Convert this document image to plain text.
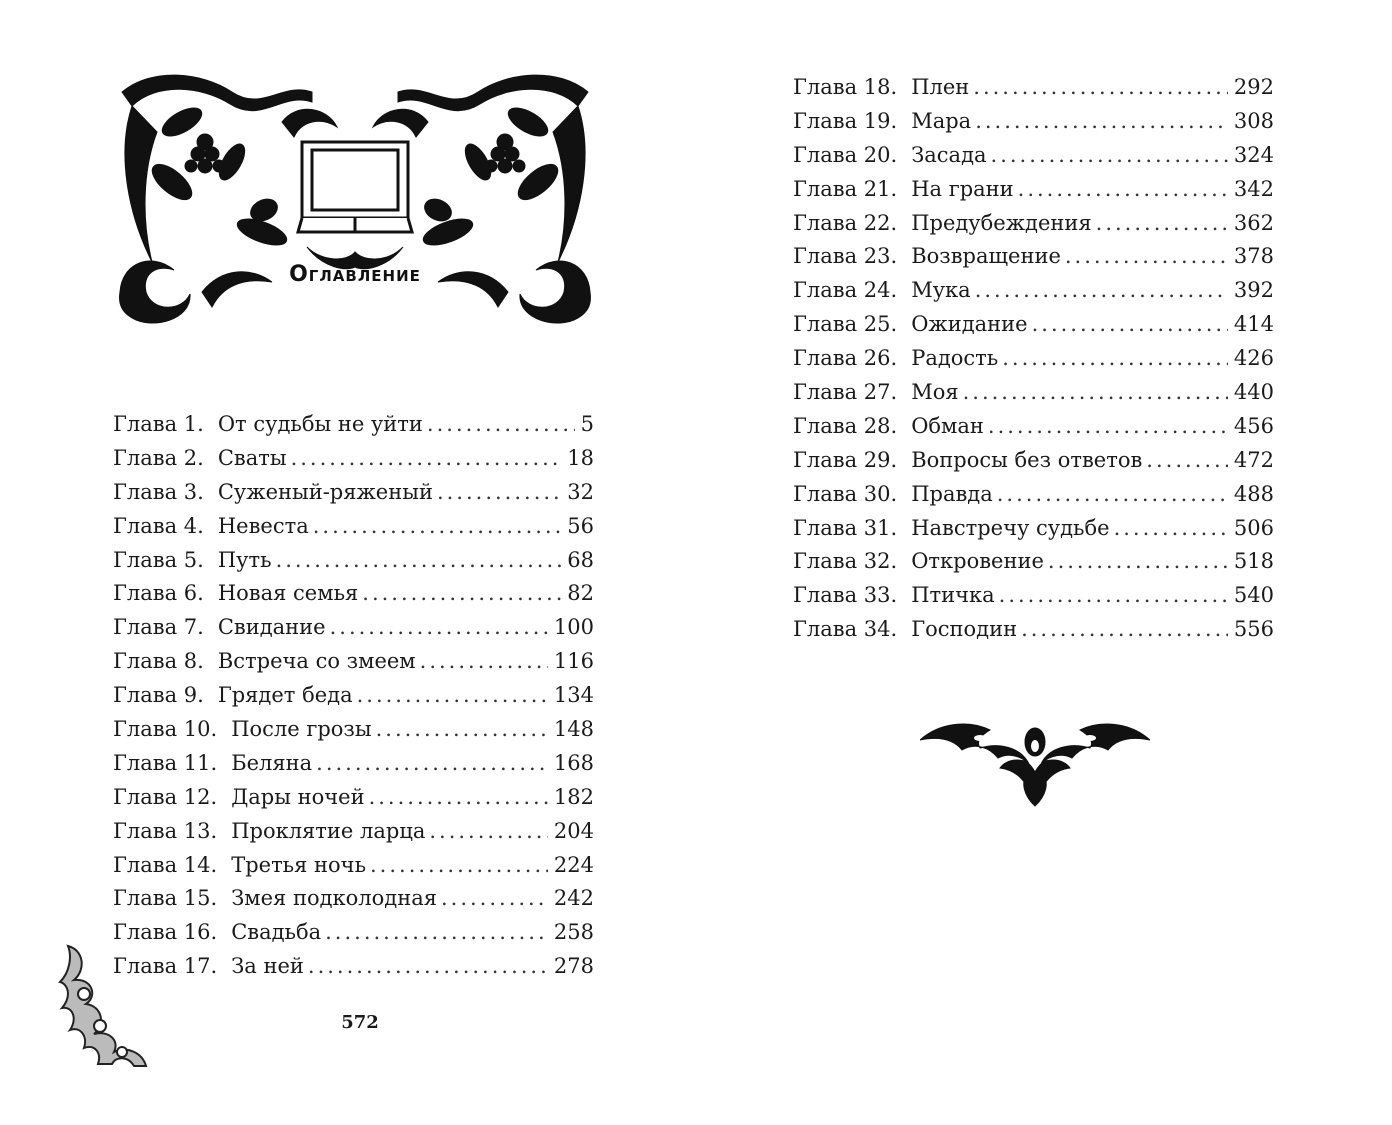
Оглавление
Глава 1. От судьбы не уйти .....	5
Глава 2. Сваты .....	18
Глава 3. Суженый-ряженый .....	32
Глава 4. Невеста .....	56
Глава 5. Путь .....	68
Глава 6. Новая семья .....	82
Глава 7. Свидание .....	100
Глава 8. Встреча со змеем .....	116
Глава 9. Грядет беда .....	134
Глава 10. После грозы .....	148
Глава 11. Беляна .....	168
Глава 12. Дары ночей .....	182
Глава 13. Проклятие ларца .....	204
Глава 14. Третья ночь .....	224
Глава 15. Змея подколодная .....	242
Глава 16. Свадьба .....	258
Глава 17. За ней .....	278
572
Глава 18. Плен .....	292
Глава 19. Мара .....	308
Глава 20. Засада .....	324
Глава 21. На грани .....	342
Глава 22. Предубеждения .....	362
Глава 23. Возвращение .....	378
Глава 24. Мука .....	392
Глава 25. Ожидание .....	414
Глава 26. Радость .....	426
Глава 27. Моя .....	440
Глава 28. Обман .....	456
Глава 29. Вопросы без ответов .....	472
Глава 30. Правда .....	488
Глава 31. Навстречу судьбе .....	506
Глава 32. Откровение .....	518
Глава 33. Птичка .....	540
Глава 34. Господин .....	556
